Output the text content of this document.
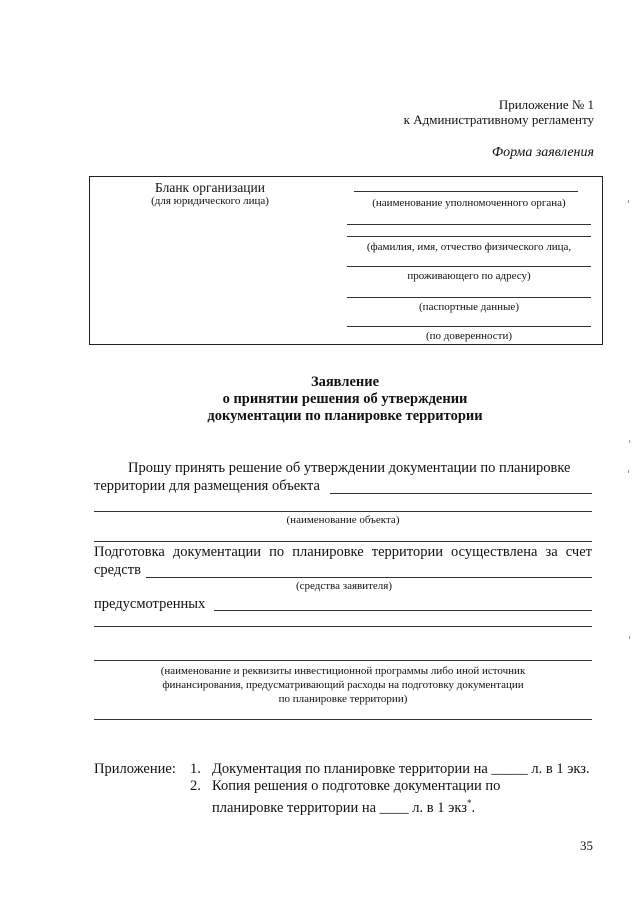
Приложение № 1
к Административному регламенту
Форма заявления
Бланк организации
(для юридического лица)	(наименование уполномоченного органа)
(фамилия, имя, отчество физического лица,
проживающего по адресу)
(паспортные данные)
(по доверенности)
Заявление
о принятии решения об утверждении
документации по планировке территории
Прошу принять решение об утверждении документации по планировке
территории для размещения объекта
(наименование объекта)
Подготовка документации по планировке территории осуществлена за счет
средств
(средства заявителя)
предусмотренных
(наименование и реквизиты инвестиционной программы либо иной источник
финансирования, предусматривающий расходы на подготовку документации
по планировке территории)
Приложение: 1. Документация по планировке территории на _____ л. в 1 экз.
2. Копия решения о подготовке документации по
планировке территории на ____ л. в 1 экз*.
35
